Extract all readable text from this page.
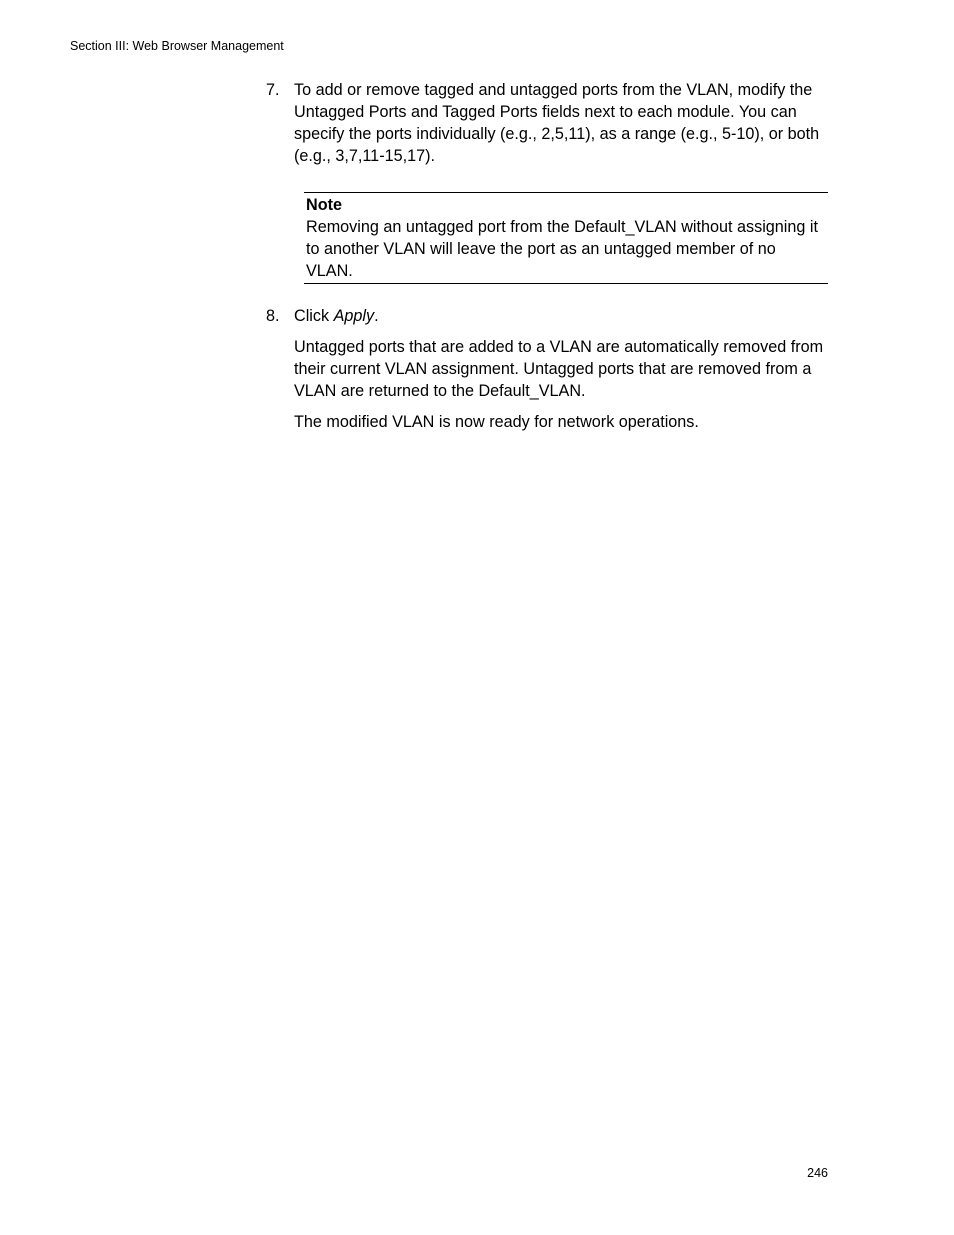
Section III: Web Browser Management
7. To add or remove tagged and untagged ports from the VLAN, modify the Untagged Ports and Tagged Ports fields next to each module. You can specify the ports individually (e.g., 2,5,11), as a range (e.g., 5-10), or both (e.g., 3,7,11-15,17).
Note
Removing an untagged port from the Default_VLAN without assigning it to another VLAN will leave the port as an untagged member of no VLAN.
8. Click Apply.
Untagged ports that are added to a VLAN are automatically removed from their current VLAN assignment. Untagged ports that are removed from a VLAN are returned to the Default_VLAN.
The modified VLAN is now ready for network operations.
246
